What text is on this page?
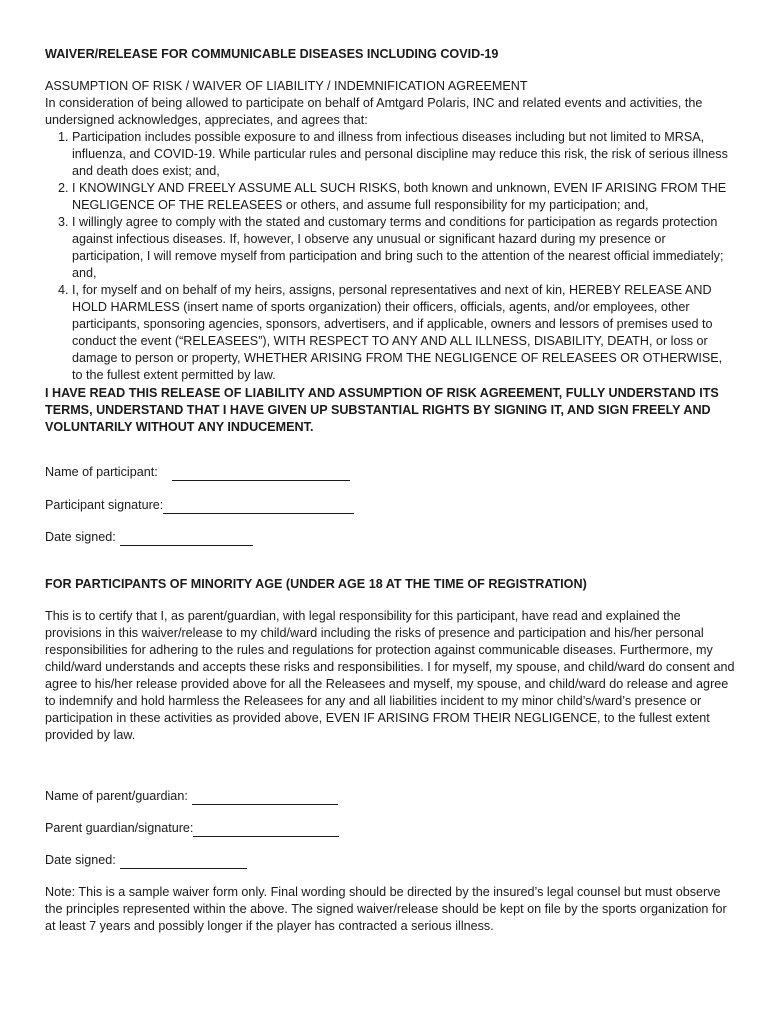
WAIVER/RELEASE FOR COMMUNICABLE DISEASES INCLUDING COVID-19

ASSUMPTION OF RISK / WAIVER OF LIABILITY / INDEMNIFICATION AGREEMENT

In consideration of being allowed to participate on behalf of Amtgard Polaris, INC and related events and activities, the undersigned acknowledges, appreciates, and agrees that:

1. Participation includes possible exposure to and illness from infectious diseases including but not limited to MRSA, influenza, and COVID-19. While particular rules and personal discipline may reduce this risk, the risk of serious illness and death does exist; and,
2. I KNOWINGLY AND FREELY ASSUME ALL SUCH RISKS, both known and unknown, EVEN IF ARISING FROM THE NEGLIGENCE OF THE RELEASEES or others, and assume full responsibility for my participation; and,
3. I willingly agree to comply with the stated and customary terms and conditions for participation as regards protection against infectious diseases. If, however, I observe any unusual or significant hazard during my presence or participation, I will remove myself from participation and bring such to the attention of the nearest official immediately; and,
4. I, for myself and on behalf of my heirs, assigns, personal representatives and next of kin, HEREBY RELEASE AND HOLD HARMLESS (insert name of sports organization) their officers, officials, agents, and/or employees, other participants, sponsoring agencies, sponsors, advertisers, and if applicable, owners and lessors of premises used to conduct the event (“RELEASEES”), WITH RESPECT TO ANY AND ALL ILLNESS, DISABILITY, DEATH, or loss or damage to person or property, WHETHER ARISING FROM THE NEGLIGENCE OF RELEASEES OR OTHERWISE, to the fullest extent permitted by law.

I HAVE READ THIS RELEASE OF LIABILITY AND ASSUMPTION OF RISK AGREEMENT, FULLY UNDERSTAND ITS TERMS, UNDERSTAND THAT I HAVE GIVEN UP SUBSTANTIAL RIGHTS BY SIGNING IT, AND SIGN FREELY AND VOLUNTARILY WITHOUT ANY INDUCEMENT.

Name of participant:
Participant signature:
Date signed:

FOR PARTICIPANTS OF MINORITY AGE (UNDER AGE 18 AT THE TIME OF REGISTRATION)

This is to certify that I, as parent/guardian, with legal responsibility for this participant, have read and explained the provisions in this waiver/release to my child/ward including the risks of presence and participation and his/her personal responsibilities for adhering to the rules and regulations for protection against communicable diseases. Furthermore, my child/ward understands and accepts these risks and responsibilities. I for myself, my spouse, and child/ward do consent and agree to his/her release provided above for all the Releasees and myself, my spouse, and child/ward do release and agree to indemnify and hold harmless the Releasees for any and all liabilities incident to my minor child’s/ward’s presence or participation in these activities as provided above, EVEN IF ARISING FROM THEIR NEGLIGENCE, to the fullest extent provided by law.

Name of parent/guardian:
Parent guardian/signature:
Date signed:

Note: This is a sample waiver form only. Final wording should be directed by the insured’s legal counsel but must observe the principles represented within the above. The signed waiver/release should be kept on file by the sports organization for at least 7 years and possibly longer if the player has contracted a serious illness.
